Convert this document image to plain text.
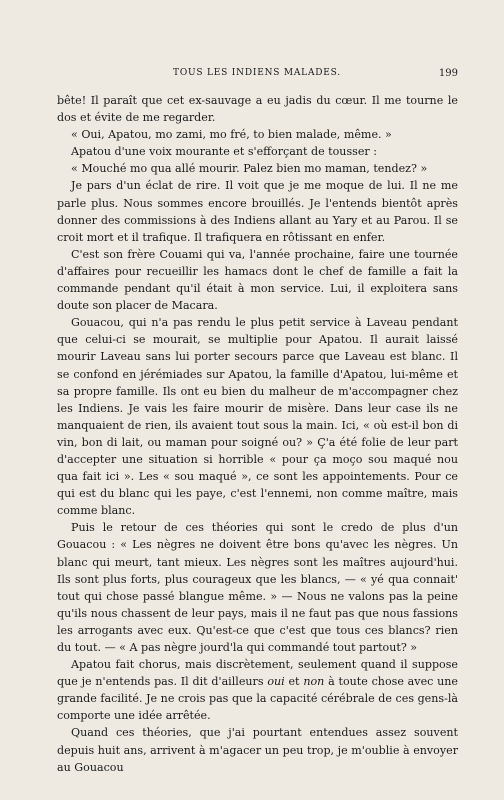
TOUS LES INDIENS MALADES.	199

bête! Il paraît que cet ex-sauvage a eu jadis du cœur. Il me tourne le dos et évite de me regarder.

« Oui, Apatou, mo zami, mo fré, to bien malade, même. »

Apatou d'une voix mourante et s'efforçant de tousser :

« Mouché mo qua allé mourir. Palez bien mo maman, tendez? »

Je pars d'un éclat de rire. Il voit que je me moque de lui. Il ne me parle plus. Nous sommes encore brouillés. Je l'entends bientôt après donner des commissions à des Indiens allant au Yary et au Parou. Il se croit mort et il trafique. Il trafiquera en rôtissant en enfer.

C'est son frère Couami qui va, l'année prochaine, faire une tournée d'affaires pour recueillir les hamacs dont le chef de famille a fait la commande pendant qu'il était à mon service. Lui, il exploitera sans doute son placer de Macara.

Gouacou, qui n'a pas rendu le plus petit service à Laveau pendant que celui-ci se mourait, se multiplie pour Apatou. Il aurait laissé mourir Laveau sans lui porter secours parce que Laveau est blanc. Il se confond en jérémiades sur Apatou, la famille d'Apatou, lui-même et sa propre famille. Ils ont eu bien du malheur de m'accompagner chez les Indiens. Je vais les faire mourir de misère. Dans leur case ils ne manquaient de rien, ils avaient tout sous la main. Ici, « où est-il bon di vin, bon di lait, ou maman pour soigné ou? » Ç'a été folie de leur part d'accepter une situation si horrible « pour ça moço sou maqué nou qua fait ici ». Les « sou maqué », ce sont les appointements. Pour ce qui est du blanc qui les paye, c'est l'ennemi, non comme maître, mais comme blanc.

Puis le retour de ces théories qui sont le credo de plus d'un Gouacou : « Les nègres ne doivent être bons qu'avec les nègres. Un blanc qui meurt, tant mieux. Les nègres sont les maîtres aujourd'hui. Ils sont plus forts, plus courageux que les blancs, — « yé qua connait' tout qui chose passé blangue même. » — Nous ne valons pas la peine qu'ils nous chassent de leur pays, mais il ne faut pas que nous fassions les arrogants avec eux. Qu'est-ce que c'est que tous ces blancs? rien du tout. — « A pas nègre jourd'la qui commandé tout partout? »

Apatou fait chorus, mais discrètement, seulement quand il suppose que je n'entends pas. Il dit d'ailleurs oui et non à toute chose avec une grande facilité. Je ne crois pas que la capacité cérébrale de ces gens-là comporte une idée arrêtée.

Quand ces théories, que j'ai pourtant entendues assez souvent depuis huit ans, arrivent à m'agacer un peu trop, je m'oublie à envoyer au Gouacou
